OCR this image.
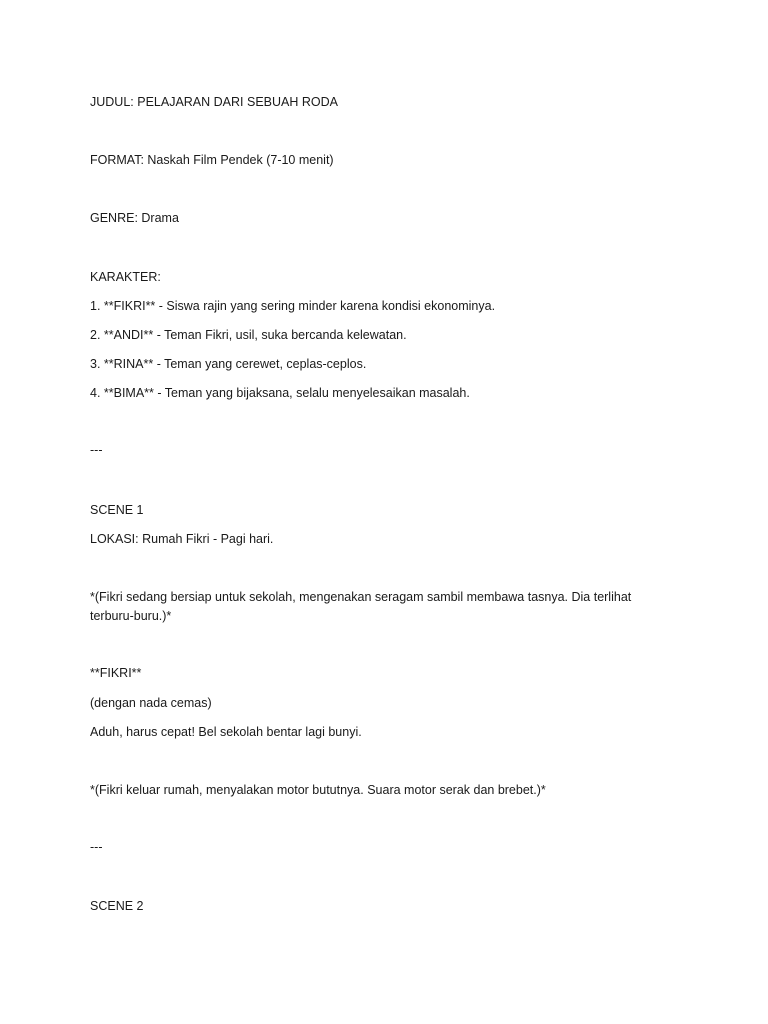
JUDUL: PELAJARAN DARI SEBUAH RODA
FORMAT: Naskah Film Pendek (7-10 menit)
GENRE: Drama
KARAKTER:
1. **FIKRI** - Siswa rajin yang sering minder karena kondisi ekonominya.
2. **ANDI** - Teman Fikri, usil, suka bercanda kelewatan.
3. **RINA** - Teman yang cerewet, ceplas-ceplos.
4. **BIMA** - Teman yang bijaksana, selalu menyelesaikan masalah.
---
SCENE 1
LOKASI: Rumah Fikri - Pagi hari.
*(Fikri sedang bersiap untuk sekolah, mengenakan seragam sambil membawa tasnya. Dia terlihat terburu-buru.)*
**FIKRI**
(dengan nada cemas)
Aduh, harus cepat! Bel sekolah bentar lagi bunyi.
*(Fikri keluar rumah, menyalakan motor bututnya. Suara motor serak dan brebet.)*
---
SCENE 2
